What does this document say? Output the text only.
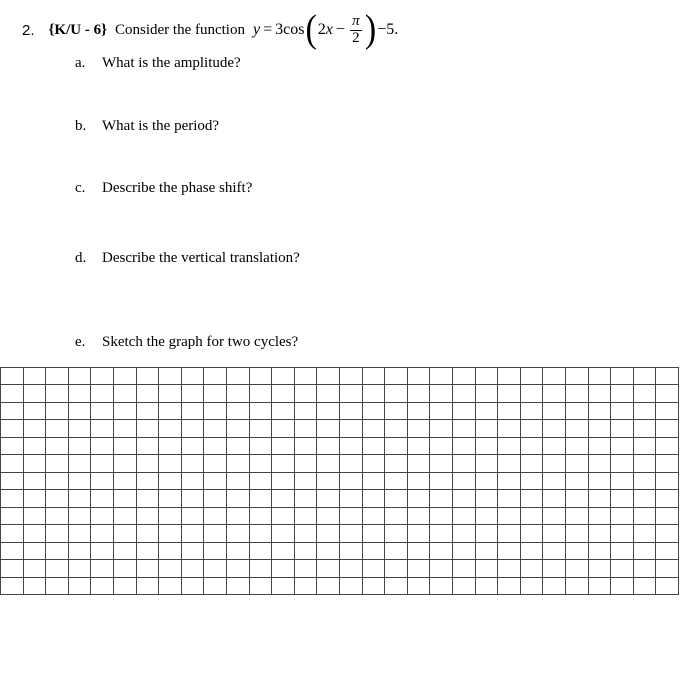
2. {K/U - 6} Consider the function y = 3cos ( 2 $x - \frac{\pi}{2}$ ) −5 .
a.	What is the amplitude?
b.	What is the period?
c.	Describe the phase shift?
d.	Describe the vertical translation?
e.	Sketch the graph for two cycles?
